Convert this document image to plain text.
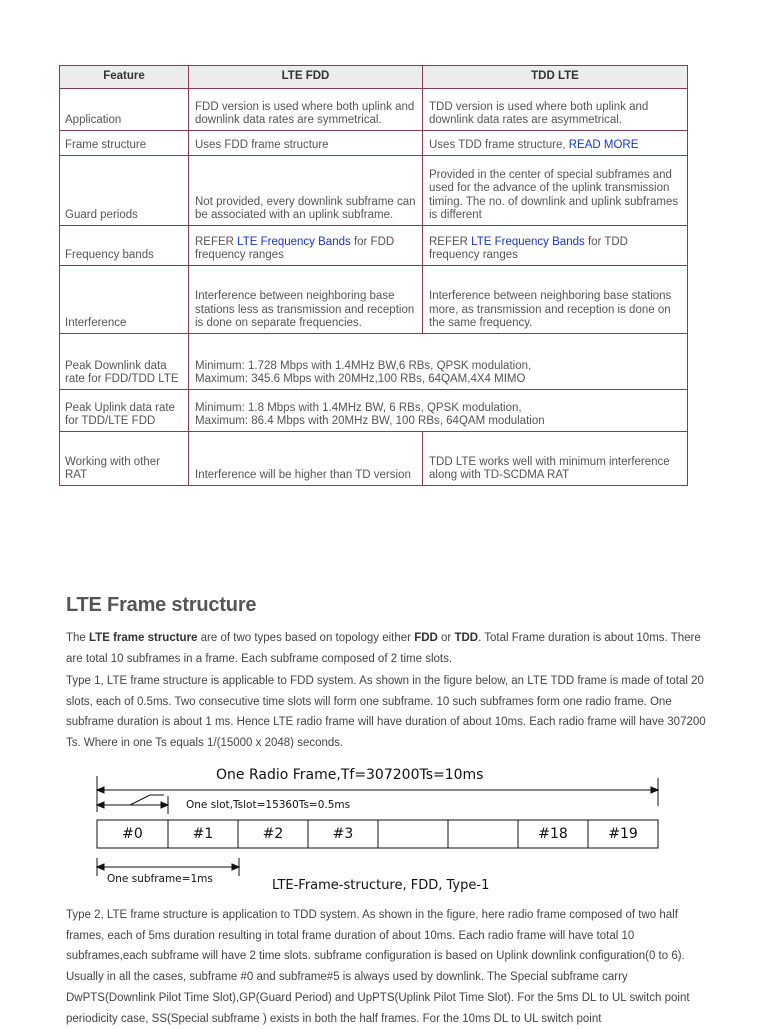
Feature	LTE FDD	TDD LTE
Application	FDD version is used where both uplink and downlink data rates are symmetrical.	TDD version is used where both uplink and downlink data rates are asymmetrical.
Frame structure	Uses FDD frame structure	Uses TDD frame structure, READ MORE
Guard periods	Not provided, every downlink subframe can be associated with an uplink subframe.	Provided in the center of special subframes and used for the advance of the uplink transmission timing. The no. of downlink and uplink subframes is different
Frequency bands	REFER LTE Frequency Bands for FDD frequency ranges	REFER LTE Frequency Bands for TDD frequency ranges
Interference	Interference between neighboring base stations less as transmission and reception is done on separate frequencies.	Interference between neighboring base stations more, as transmission and reception is done on the same frequency.
Peak Downlink data rate for FDD/TDD LTE	Minimum: 1.728 Mbps with 1.4MHz BW,6 RBs, QPSK modulation,
Maximum: 345.6 Mbps with 20MHz,100 RBs, 64QAM,4X4 MIMO	
Peak Uplink data rate for TDD/LTE FDD	Minimum: 1.8 Mbps with 1.4MHz BW, 6 RBs, QPSK modulation,
Maximum: 86.4 Mbps with 20MHz BW, 100 RBs, 64QAM modulation	
Working with other RAT	Interference will be higher than TD version	TDD LTE works well with minimum interference along with TD-SCDMA RAT
LTE Frame structure

The LTE frame structure are of two types based on topology either FDD or TDD. Total Frame duration is about 10ms. There are total 10 subframes in a frame. Each subframe composed of 2 time slots.

Type 1, LTE frame structure is applicable to FDD system. As shown in the figure below, an LTE TDD frame is made of total 20 slots, each of 0.5ms. Two consecutive time slots will form one subframe. 10 such subframes form one radio frame. One subframe duration is about 1 ms. Hence LTE radio frame will have duration of about 10ms. Each radio frame will have 307200 Ts. Where in one Ts equals 1/(15000 x 2048) seconds.

One Radio Frame,Tf=307200Ts=10ms
One slot,Tslot=15360Ts=0.5ms
#0	#1	#2	#3	#18	#19
One subframe=1ms	LTE-Frame-structure, FDD, Type-1

Type 2, LTE frame structure is application to TDD system. As shown in the figure, here radio frame composed of two half frames, each of 5ms duration resulting in total frame duration of about 10ms. Each radio frame will have total 10 subframes,each subframe will have 2 time slots. subframe configuration is based on Uplink downlink configuration(0 to 6). Usually in all the cases, subframe #0 and subframe#5 is always used by downlink. The Special subframe carry DwPTS(Downlink Pilot Time Slot),GP(Guard Period) and UpPTS(Uplink Pilot Time Slot). For the 5ms DL to UL switch point periodicity case, SS(Special subframe ) exists in both the half frames. For the 10ms DL to UL switch point
